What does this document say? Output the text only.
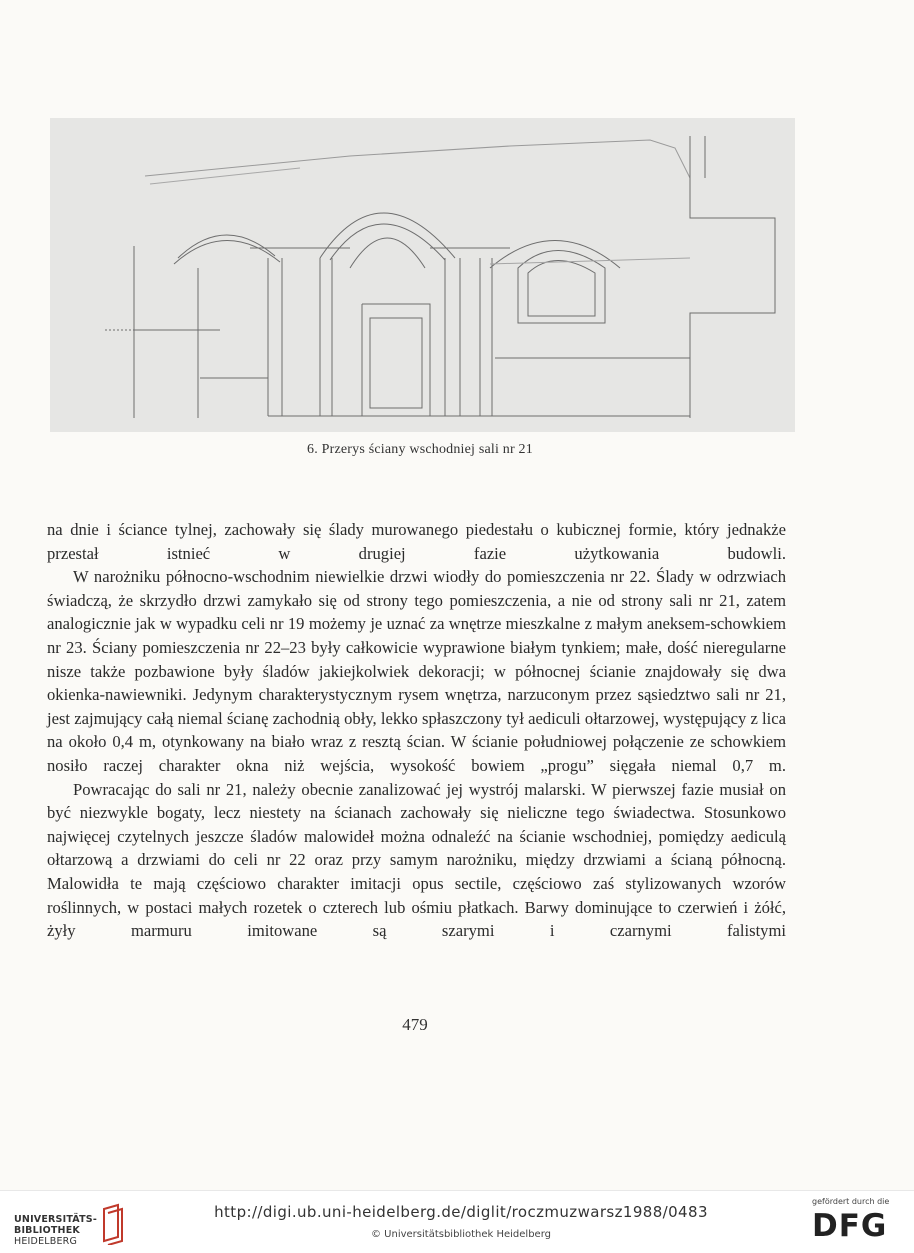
6. Przerys ściany wschodniej sali nr 21

na dnie i ściance tylnej, zachowały się ślady murowanego piedestału o kubicznej formie, który jednakże przestał istnieć w drugiej fazie użytkowania budowli.

W narożniku północno-wschodnim niewielkie drzwi wiodły do pomieszczenia nr 22. Ślady w odrzwiach świadczą, że skrzydło drzwi zamykało się od strony tego pomieszczenia, a nie od strony sali nr 21, zatem analogicznie jak w wypadku celi nr 19 możemy je uznać za wnętrze mieszkalne z małym aneksem-schowkiem nr 23. Ściany pomieszczenia nr 22–23 były całkowicie wyprawione białym tynkiem; małe, dość nieregularne nisze także pozbawione były śladów jakiejkolwiek dekoracji; w północnej ścianie znajdowały się dwa okienka-nawiewniki. Jedynym charakterystycznym rysem wnętrza, narzuconym przez sąsiedztwo sali nr 21, jest zajmujący całą niemal ścianę zachodnią obły, lekko spłaszczony tył aediculi ołtarzowej, występujący z lica na około 0,4 m, otynkowany na biało wraz z resztą ścian. W ścianie południowej połączenie ze schowkiem nosiło raczej charakter okna niż wejścia, wysokość bowiem „progu” sięgała niemal 0,7 m.

Powracając do sali nr 21, należy obecnie zanalizować jej wystrój malarski. W pierwszej fazie musiał on być niezwykle bogaty, lecz niestety na ścianach zachowały się nieliczne tego świadectwa. Stosunkowo najwięcej czytelnych jeszcze śladów malowideł można odnaleźć na ścianie wschodniej, pomiędzy aediculą ołtarzową a drzwiami do celi nr 22 oraz przy samym narożniku, między drzwiami a ścianą północną. Malowidła te mają częściowo charakter imitacji opus sectile, częściowo zaś stylizowanych wzorów roślinnych, w postaci małych rozetek o czterech lub ośmiu płatkach. Barwy dominujące to czerwień i żółć, żyły marmuru imitowane są szarymi i czarnymi falistymi

479
UNIVERSITÄTS-
BIBLIOTHEK
HEIDELBERG
http://digi.ub.uni-heidelberg.de/diglit/roczmuzwarsz1988/0483
© Universitätsbibliothek Heidelberg
gefördert durch die
DFG
